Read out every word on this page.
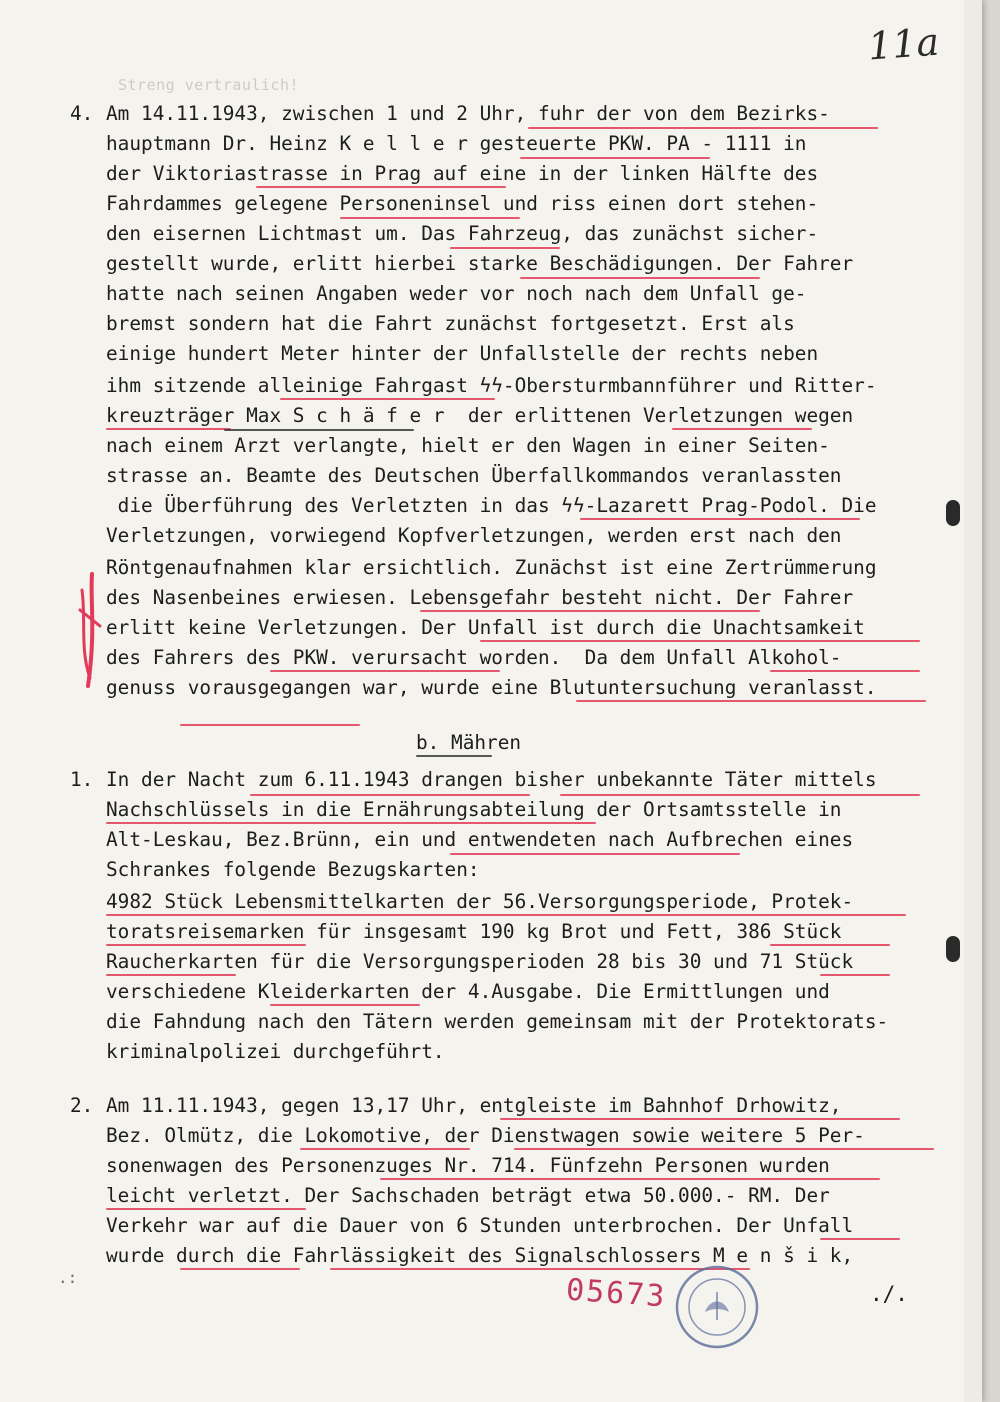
11a
Streng vertraulich!

4.

Am 14.11.1943, zwischen 1 und 2 Uhr, fuhr der von dem Bezirks-

hauptmann Dr. Heinz K e l l e r gesteuerte PKW. PA - 1111 in

der Viktoriastrasse in Prag auf eine in der linken Hälfte des

Fahrdammes gelegene Personeninsel und riss einen dort stehen-

den eisernen Lichtmast um. Das Fahrzeug, das zunächst sicher-

gestellt wurde, erlitt hierbei starke Beschädigungen. Der Fahrer

hatte nach seinen Angaben weder vor noch nach dem Unfall ge-

bremst sondern hat die Fahrt zunächst fortgesetzt. Erst als

einige hundert Meter hinter der Unfallstelle der rechts neben

ihm sitzende alleinige Fahrgast ϟϟ-Obersturmbannführer und Ritter-

kreuzträger Max S c h ä f e r  der erlittenen Verletzungen wegen

nach einem Arzt verlangte, hielt er den Wagen in einer Seiten-

strasse an. Beamte des Deutschen Überfallkommandos veranlassten

die Überführung des Verletzten in das ϟϟ-Lazarett Prag-Podol. Die

Verletzungen, vorwiegend Kopfverletzungen, werden erst nach den

Röntgenaufnahmen klar ersichtlich. Zunächst ist eine Zertrümmerung

des Nasenbeines erwiesen. Lebensgefahr besteht nicht. Der Fahrer

erlitt keine Verletzungen. Der Unfall ist durch die Unachtsamkeit

des Fahrers des PKW. verursacht worden.  Da dem Unfall Alkohol-

genuss vorausgegangen war, wurde eine Blutuntersuchung veranlasst.

b. Mähren

1.

In der Nacht zum 6.11.1943 drangen bisher unbekannte Täter mittels

Nachschlüssels in die Ernährungsabteilung der Ortsamtsstelle in

Alt-Leskau, Bez.Brünn, ein und entwendeten nach Aufbrechen eines

Schrankes folgende Bezugskarten:

4982 Stück Lebensmittelkarten der 56.Versorgungsperiode, Protek-

toratsreisemarken für insgesamt 190 kg Brot und Fett, 386 Stück

Raucherkarten für die Versorgungsperioden 28 bis 30 und 71 Stück

verschiedene Kleiderkarten der 4.Ausgabe. Die Ermittlungen und

die Fahndung nach den Tätern werden gemeinsam mit der Protektorats-

kriminalpolizei durchgeführt.

2.

Am 11.11.1943, gegen 13,17 Uhr, entgleiste im Bahnhof Drhowitz,

Bez. Olmütz, die Lokomotive, der Dienstwagen sowie weitere 5 Per-

sonenwagen des Personenzuges Nr. 714. Fünfzehn Personen wurden

leicht verletzt. Der Sachschaden beträgt etwa 50.000.- RM. Der

Verkehr war auf die Dauer von 6 Stunden unterbrochen. Der Unfall

wurde durch die Fahrlässigkeit des Signalschlossers M e n š i k,

.:	05673	./.
